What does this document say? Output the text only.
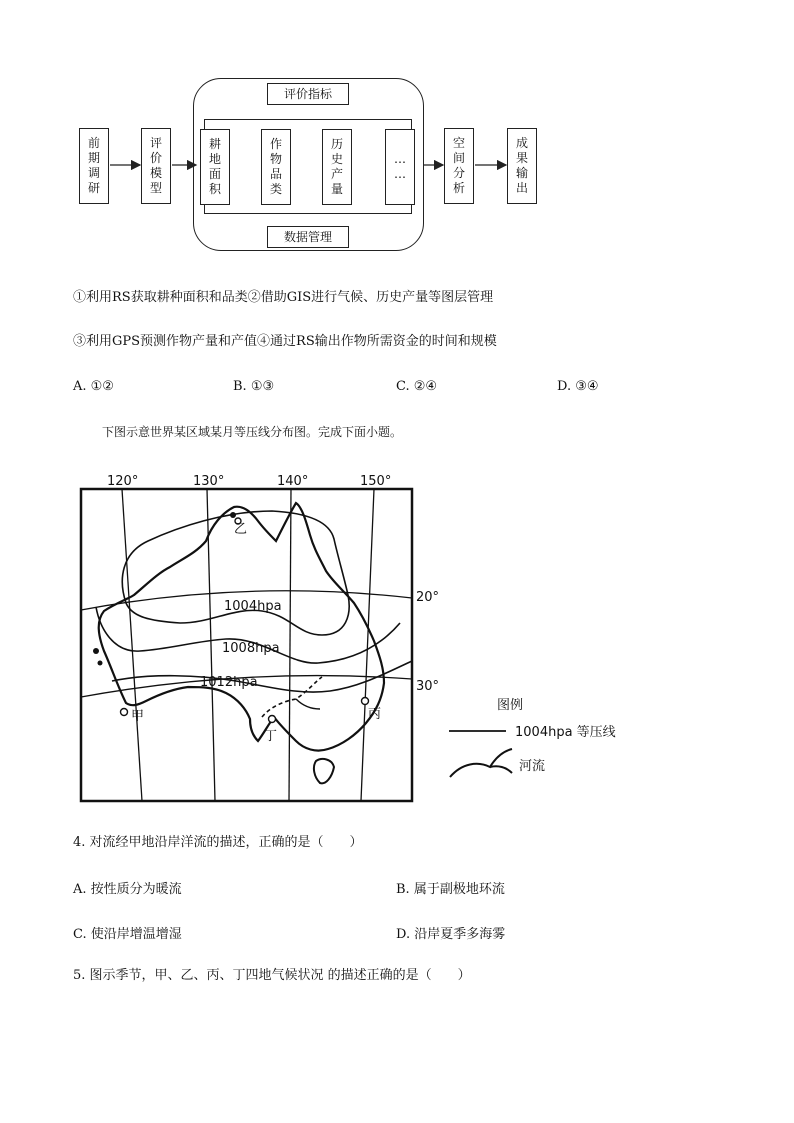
前期调研
评价模型
评价指标
数据管理
耕地面积
作物品类
历史产量
…
…
空间分析
成果输出
①利用RS获取耕种面积和品类②借助GIS进行气候、历史产量等图层管理
③利用GPS预测作物产量和产值④通过RS输出作物所需资金的时间和规模
A. ①②	B. ①③	C. ②④	D. ③④
下图示意世界某区域某月等压线分布图。完成下面小题。
120°	130°	140°	150°
20°
30°
1004hpa
1008hpa
1012hpa
甲
乙
丙
丁
图例
1004hpa 等压线
河流
4. 对流经甲地沿岸洋流的描述，正确的是（　　）
A. 按性质分为暖流	B. 属于副极地环流
C. 使沿岸增温增湿	D. 沿岸夏季多海雾
5. 图示季节，甲、乙、丙、丁四地气候状况 的描述正确的是（　　）
